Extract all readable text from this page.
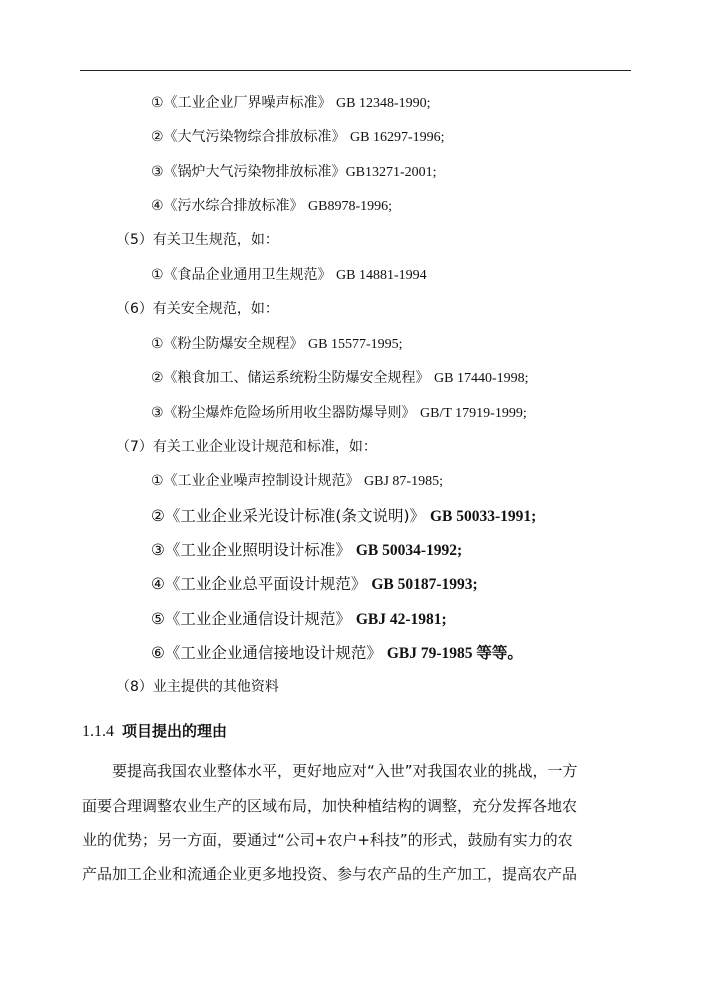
①《工业企业厂界噪声标准》 GB 12348-1990;
②《大气污染物综合排放标准》 GB 16297-1996;
③《锅炉大气污染物排放标准》GB13271-2001;
④《污水综合排放标准》 GB8978-1996;
（5）有关卫生规范，如：
①《食品企业通用卫生规范》 GB 14881-1994
（6）有关安全规范，如：
①《粉尘防爆安全规程》 GB 15577-1995;
②《粮食加工、储运系统粉尘防爆安全规程》 GB 17440-1998;
③《粉尘爆炸危险场所用收尘器防爆导则》 GB/T 17919-1999;
（7）有关工业企业设计规范和标准，如：
①《工业企业噪声控制设计规范》 GBJ 87-1985;
②《工业企业采光设计标准(条文说明)》 GB 50033-1991;
③《工业企业照明设计标准》 GB 50034-1992;
④《工业企业总平面设计规范》 GB 50187-1993;
⑤《工业企业通信设计规范》 GBJ 42-1981;
⑥《工业企业通信接地设计规范》 GBJ 79-1985 等等。
（8）业主提供的其他资料
1.1.4 项目提出的理由
要提高我国农业整体水平，更好地应对“入世”对我国农业的挑战，一方
面要合理调整农业生产的区域布局，加快种植结构的调整，充分发挥各地农
业的优势；另一方面，要通过“公司+农户+科技”的形式，鼓励有实力的农
产品加工企业和流通企业更多地投资、参与农产品的生产加工，提高农产品
